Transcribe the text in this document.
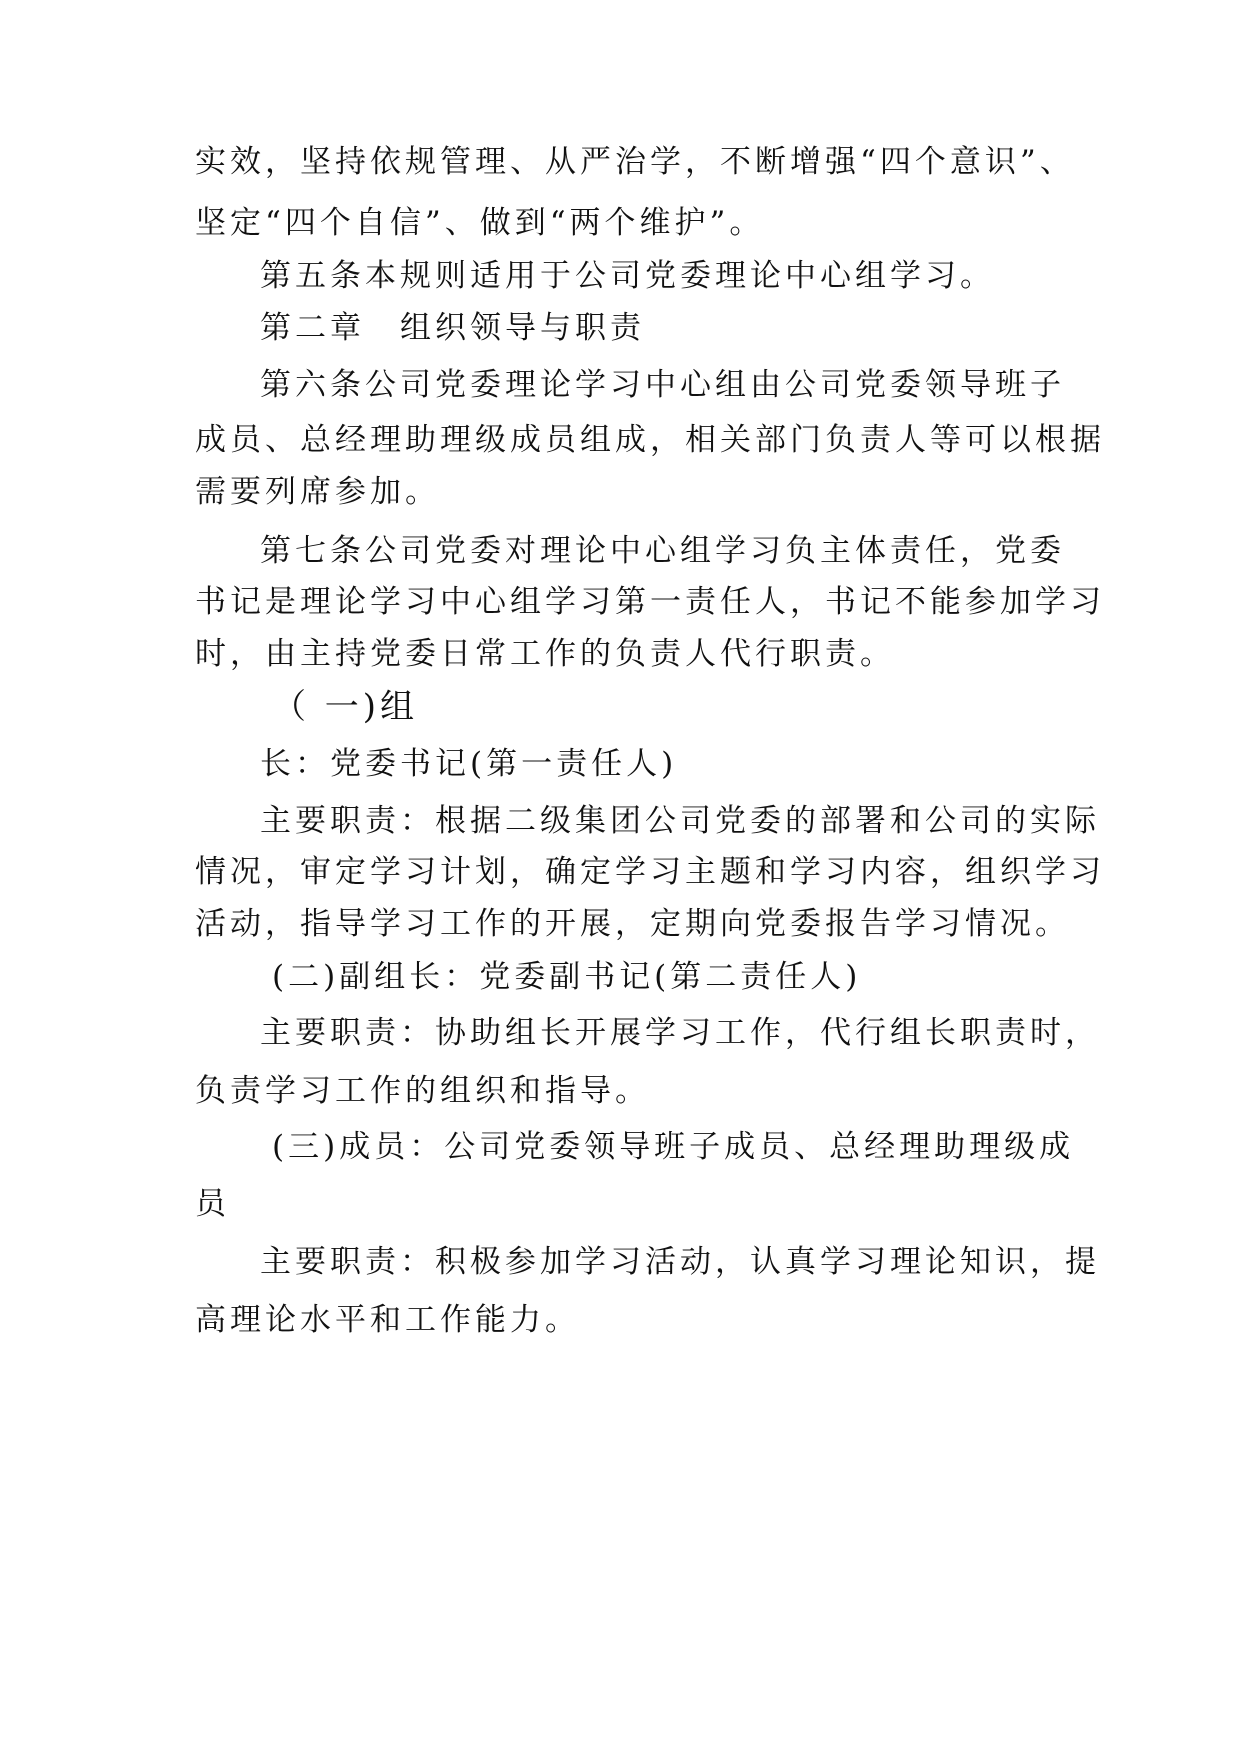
实效，坚持依规管理、从严治学，不断增强“四个意识”、
坚定“四个自信”、做到“两个维护”。
第五条本规则适用于公司党委理论中心组学习。
第二章　组织领导与职责
第六条公司党委理论学习中心组由公司党委领导班子
成员、总经理助理级成员组成，相关部门负责人等可以根据
需要列席参加。
第七条公司党委对理论中心组学习负主体责任，党委
书记是理论学习中心组学习第一责任人，书记不能参加学习
时，由主持党委日常工作的负责人代行职责。
（ 一)组
长：党委书记(第一责任人)
主要职责：根据二级集团公司党委的部署和公司的实际
情况，审定学习计划，确定学习主题和学习内容，组织学习
活动，指导学习工作的开展，定期向党委报告学习情况。
(二)副组长：党委副书记(第二责任人)
主要职责：协助组长开展学习工作，代行组长职责时，
负责学习工作的组织和指导。
(三)成员：公司党委领导班子成员、总经理助理级成
员
主要职责：积极参加学习活动，认真学习理论知识，提
高理论水平和工作能力。
